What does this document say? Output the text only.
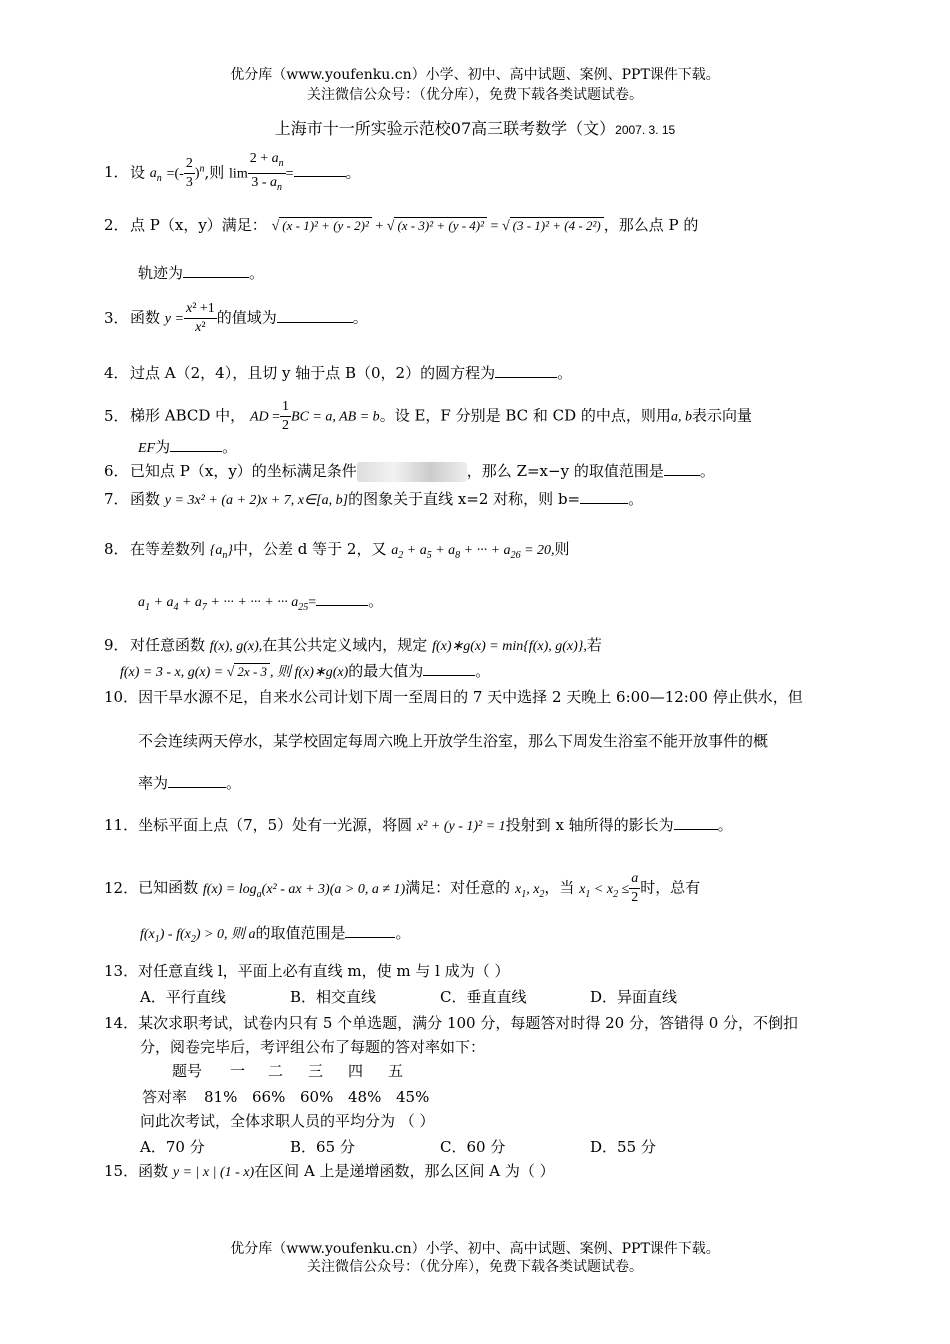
优分库（www.youfenku.cn）小学、初中、高中试题、案例、PPT课件下载。
关注微信公众号：（优分库），免费下载各类试题试卷。
上海市十一所实验示范校07高三联考数学（文）2007. 3. 15
1．设 $a_n$ =(- $\frac{2}{3} )^n$,则 $\lim \frac{2 + a_n}{3 - a_n}$ =	。
2．点 P（x，y）满足： √ (x - 1)² + (y - 2)² + √ (x - 3)² + (y - 4)² = √ (3 - 1)² + (4 - 2²) ，那么点 P 的
轨迹为	。
3．函数 $y = \frac{\text{x² +1}}{\text{x²}}$ 的值域为	。
4．过点 A（2，4），且切 y 轴于点 B（0，2）的圆方程为	。
5．梯形 ABCD 中， AD = $\frac{1}{2}$ BC = a, AB = b。设 E，F 分别是 BC 和 CD 的中点，则用a, b表示向量
EF为	。
6．已知点 P（x，y）的坐标满足条件	，那么 Z=x−y 的取值范围是 。
7．函数 y = 3x² + (a + 2)x + 7, x∈[a, b]的图象关于直线 x=2 对称，则 b=	。
8．在等差数列 $\{a_n\}$中，公差 d 等于 2，又 $a_2 + a_5 + a_8$ + ··· + $a_{26} = 20$,则
$a_1 + a_4 + a_7$ + ··· + ··· + ··· $a_{25}=$	。
9．对任意函数 f(x), g(x),在其公共定义域内，规定 f(x)∗g(x) = min{f(x), g(x)},若
f(x) = 3 - x, g(x) = √ 2x - 3 , 则 f(x)∗g(x)的最大值为	。
10．因干旱水源不足，自来水公司计划下周一至周日的 7 天中选择 2 天晚上 6:00—12:00 停止供水，但
不会连续两天停水，某学校固定每周六晚上开放学生浴室，那么下周发生浴室不能开放事件的概
率为	。
11．坐标平面上点（7，5）处有一光源，将圆 x² + (y - 1)² = 1投射到 x 轴所得的影长为	。
12．已知函数 $f(x) = \log_a(x^2$ - ax + 3)(a > 0, a ≠ 1)满足：对任意的 $x_1$, $x_2$，当 $x_1 < x_2 \le \frac{a}{2}$ 时，总有
$f(x_1) - f(x_2) > 0$, 则 a的取值范围是	。
13．对任意直线 l，平面上必有直线 m，使 m 与 l 成为（ ）
A．平行直线	B．相交直线	C．垂直直线	D．异面直线
14．某次求职考试，试卷内只有 5 个单选题，满分 100 分，每题答对时得 20 分，答错得 0 分，不倒扣
分，阅卷完毕后，考评组公布了每题的答对率如下：
题号 一 二 三 四 五
答对率 81% 66% 60% 48% 45%
问此次考试，全体求职人员的平均分为 （ ）
A．70 分	B．65 分	C．60 分	D．55 分
15．函数 y = | x | (1 - x)在区间 A 上是递增函数，那么区间 A 为（ ）
优分库（www.youfenku.cn）小学、初中、高中试题、案例、PPT课件下载。
关注微信公众号：（优分库），免费下载各类试题试卷。
